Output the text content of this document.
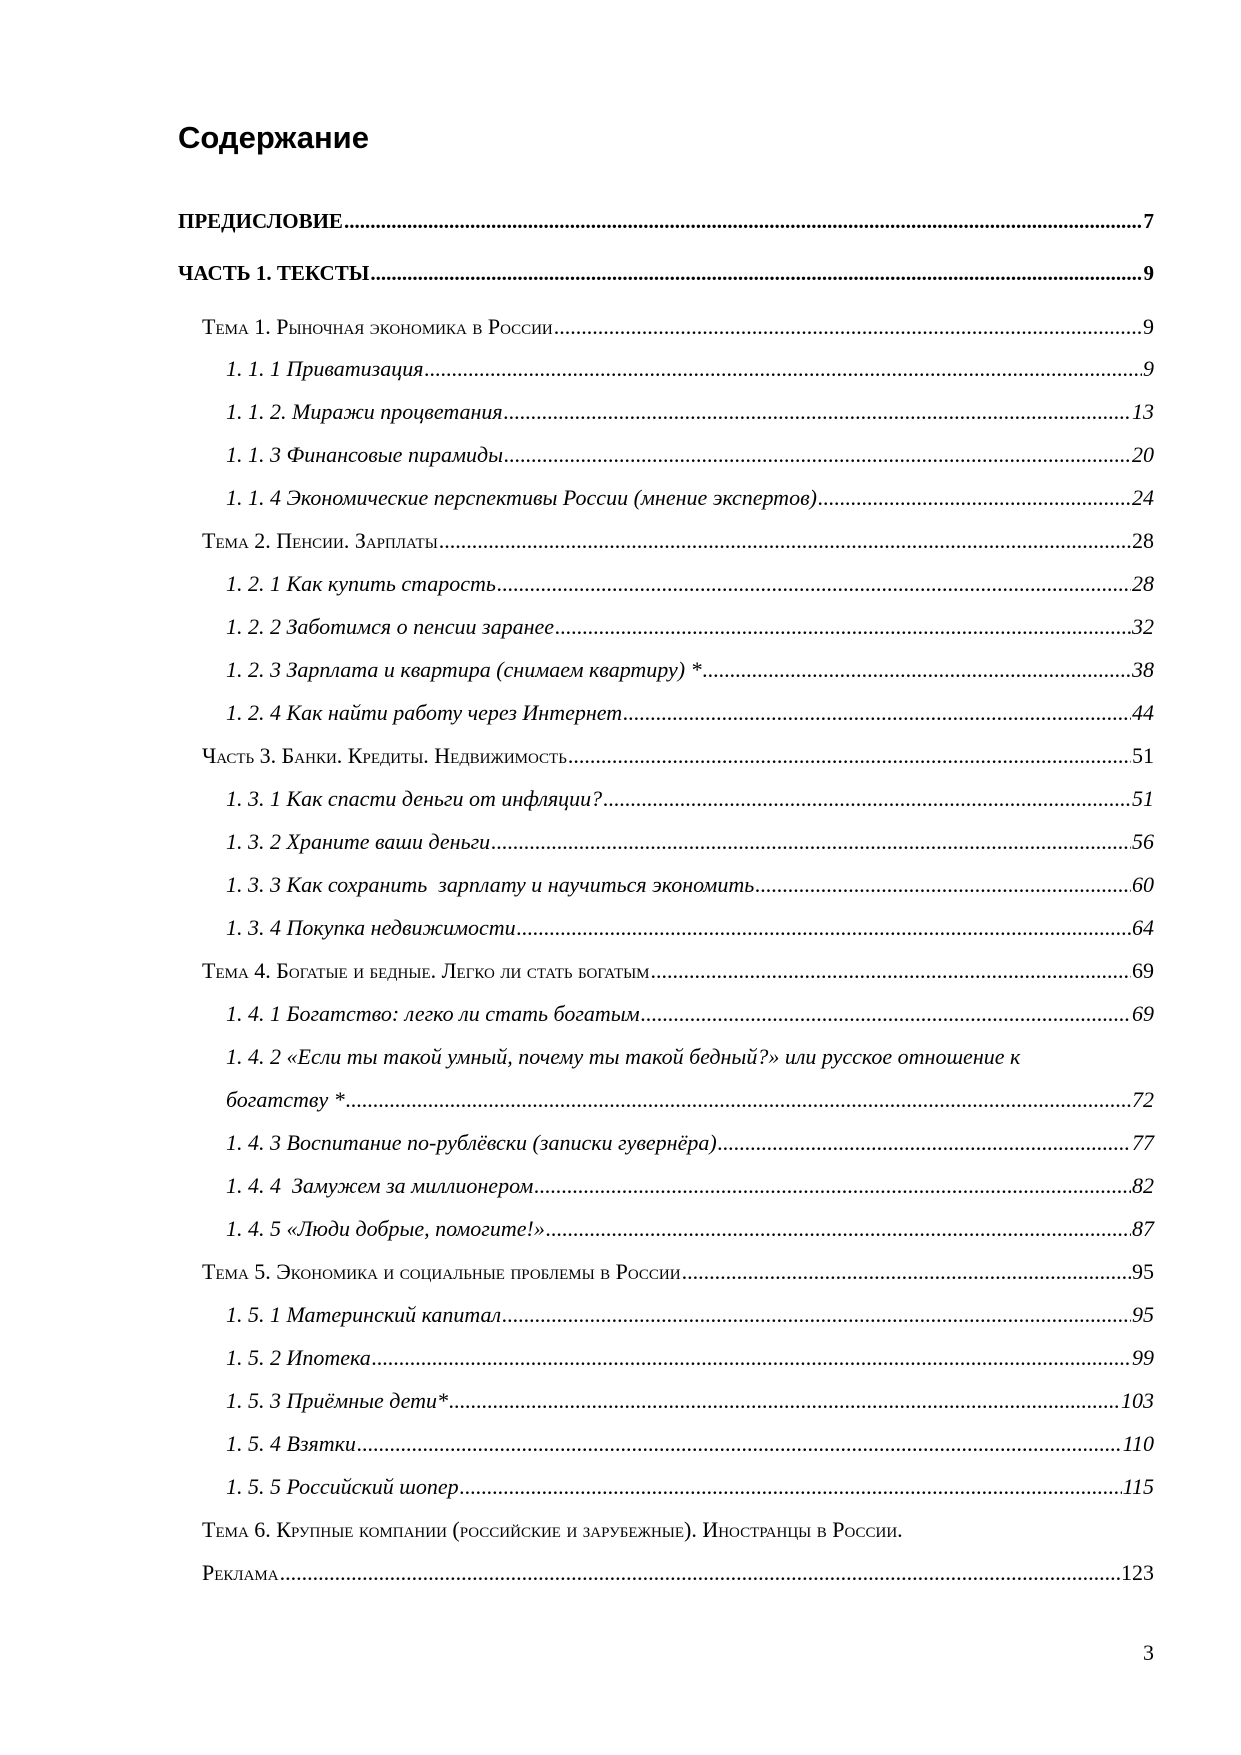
Содержание
ПРЕДИСЛОВИЕ .....	7
ЧАСТЬ 1. ТЕКСТЫ .....	9
Тема 1. Рыночная экономика в России .....	9
1. 1. 1 Приватизация .....	9
1. 1. 2. Миражи процветания .....	13
1. 1. 3 Финансовые пирамиды .....	20
1. 1. 4 Экономические перспективы России (мнение экспертов) .....	24
Тема 2. Пенсии. Зарплаты .....	28
1. 2. 1 Как купить старость .....	28
1. 2. 2 Заботимся о пенсии заранее .....	32
1. 2. 3 Зарплата и квартира (снимаем квартиру) * .....	38
1. 2. 4 Как найти работу через Интернет .....	44
Часть 3. Банки. Кредиты. Недвижимость .....	51
1. 3. 1 Как спасти деньги от инфляции? .....	51
1. 3. 2 Храните ваши деньги .....	56
1. 3. 3 Как сохранить  зарплату и научиться экономить .....	60
1. 3. 4 Покупка недвижимости .....	64
Тема 4. Богатые и бедные. Легко ли стать богатым .....	69
1. 4. 1 Богатство: легко ли стать богатым .....	69
1. 4. 2 «Если ты такой умный, почему ты такой бедный?» или русское отношение к
богатству * .....	72
1. 4. 3 Воспитание по-рублёвски (записки гувернёра) .....	77
1. 4. 4  Замужем за миллионером .....	82
1. 4. 5 «Люди добрые, помогите!» .....	87
Тема 5. Экономика и социальные проблемы в России .....	95
1. 5. 1 Материнский капитал .....	95
1. 5. 2 Ипотека .....	99
1. 5. 3 Приёмные дети* .....	103
1. 5. 4 Взятки .....	110
1. 5. 5 Российский шопер .....	115
Тема 6. Крупные компании (российские и зарубежные). Иностранцы в России.
Реклама .....	123
3
